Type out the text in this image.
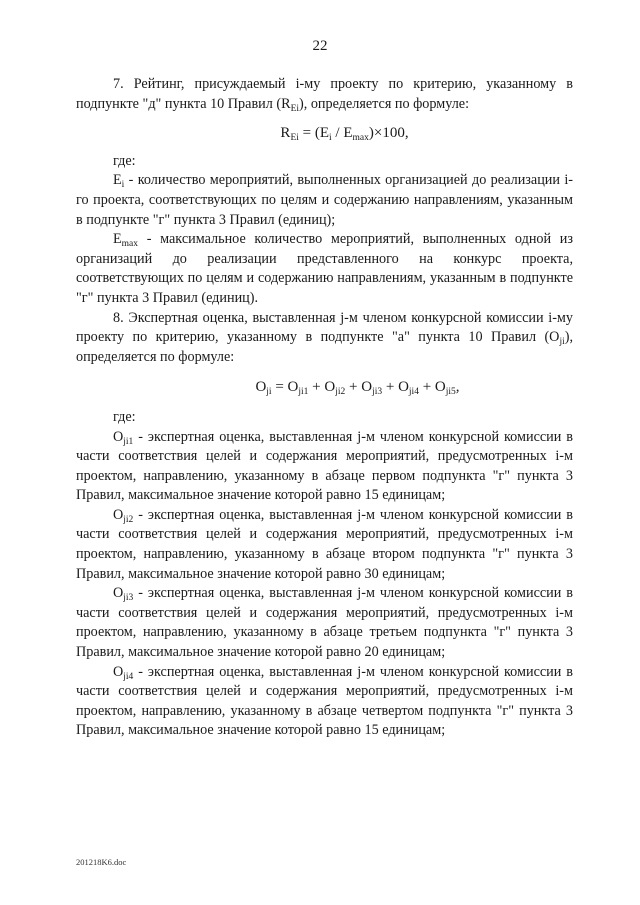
22

7. Рейтинг, присуждаемый i-му проекту по критерию, указанному в подпункте "д" пункта 10 Правил $(R_{Ei})$, определяется по формуле:

$R_{Ei} = (E_i / E_{max})\times 100$,

где:

$E_i$ - количество мероприятий, выполненных организацией до реализации i-го проекта, соответствующих по целям и содержанию направлениям, указанным в подпункте "г" пункта 3 Правил (единиц);

$E_{max}$ - максимальное количество мероприятий, выполненных одной из организаций до реализации представленного на конкурс проекта, соответствующих по целям и содержанию направлениям, указанным в подпункте "г" пункта 3 Правил (единиц).

8. Экспертная оценка, выставленная j-м членом конкурсной комиссии i-му проекту по критерию, указанному в подпункте "а" пункта 10 Правил $(O_{ji})$, определяется по формуле:

$O_{ji} = O_{ji1} + O_{ji2} + O_{ji3} + O_{ji4} + O_{ji5}$,

где:

$O_{ji1}$ - экспертная оценка, выставленная j-м членом конкурсной комиссии в части соответствия целей и содержания мероприятий, предусмотренных i-м проектом, направлению, указанному в абзаце первом подпункта "г" пункта 3 Правил, максимальное значение которой равно 15 единицам;

$O_{ji2}$ - экспертная оценка, выставленная j-м членом конкурсной комиссии в части соответствия целей и содержания мероприятий, предусмотренных i-м проектом, направлению, указанному в абзаце втором подпункта "г" пункта 3 Правил, максимальное значение которой равно 30 единицам;

$O_{ji3}$ - экспертная оценка, выставленная j-м членом конкурсной комиссии в части соответствия целей и содержания мероприятий, предусмотренных i-м проектом, направлению, указанному в абзаце третьем подпункта "г" пункта 3 Правил, максимальное значение которой равно 20 единицам;

$O_{ji4}$ - экспертная оценка, выставленная j-м членом конкурсной комиссии в части соответствия целей и содержания мероприятий, предусмотренных i-м проектом, направлению, указанному в абзаце четвертом подпункта "г" пункта 3 Правил, максимальное значение которой равно 15 единицам;

201218K6.doc
